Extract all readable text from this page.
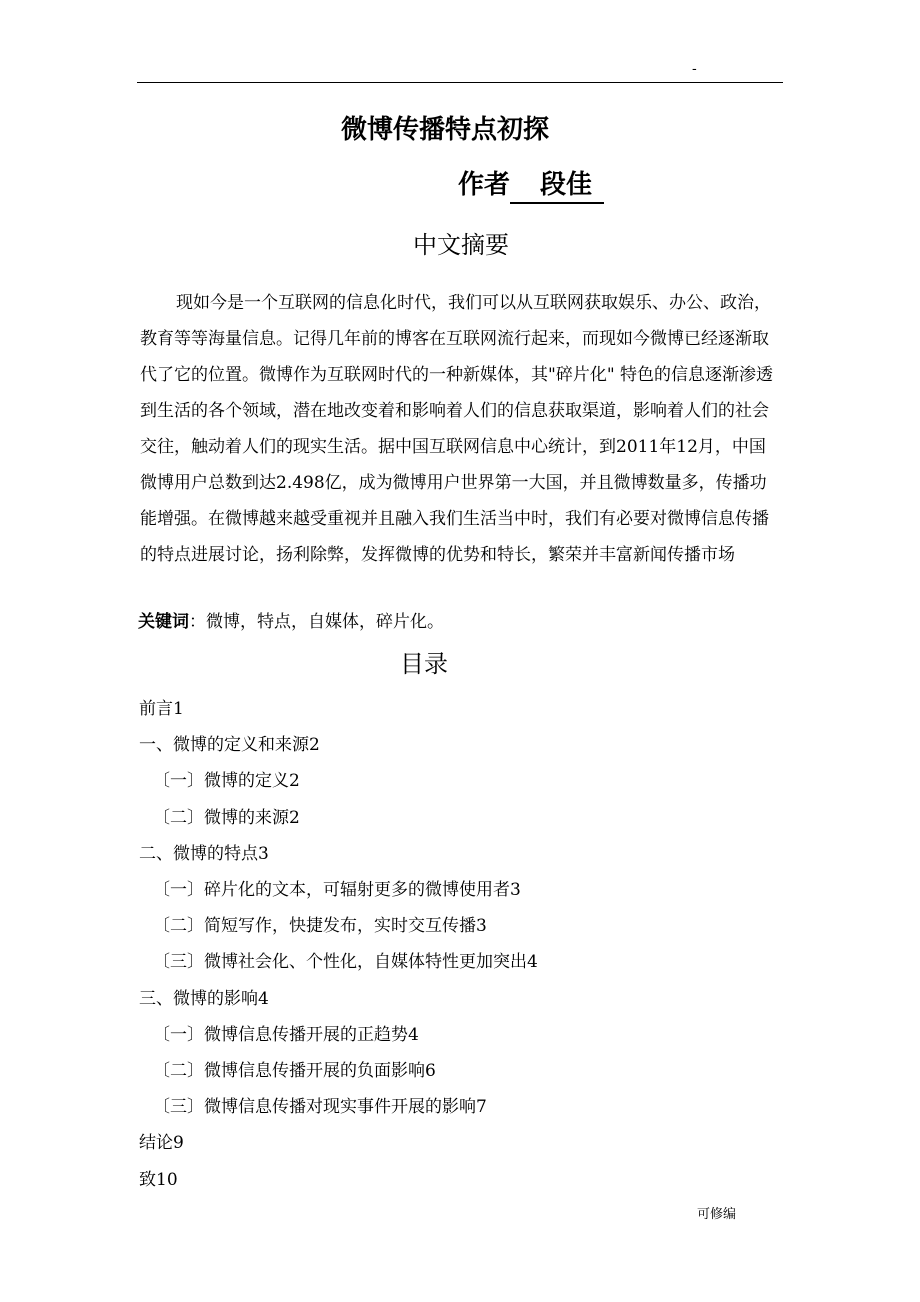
-
微博传播特点初探
作者 段佳
中文摘要

现如今是一个互联网的信息化时代，我们可以从互联网获取娱乐、办公、政治，教育等等海量信息。记得几年前的博客在互联网流行起来，而现如今微博已经逐渐取代了它的位置。微博作为互联网时代的一种新媒体，其"碎片化" 特色的信息逐渐渗透到生活的各个领域，潜在地改变着和影响着人们的信息获取渠道，影响着人们的社会交往，触动着人们的现实生活。据中国互联网信息中心统计，到2011年12月，中国微博用户总数到达2.498亿，成为微博用户世界第一大国，并且微博数量多，传播功能增强。在微博越来越受重视并且融入我们生活当中时，我们有必要对微博信息传播的特点进展讨论，扬利除弊，发挥微博的优势和特长，繁荣并丰富新闻传播市场

关键词：微博，特点，自媒体，碎片化。
目录
前言1
一、微博的定义和来源2
〔一〕微博的定义2
〔二〕微博的来源2
二、微博的特点3
〔一〕碎片化的文本，可辐射更多的微博使用者3
〔二〕简短写作，快捷发布，实时交互传播3
〔三〕微博社会化、个性化，自媒体特性更加突出4
三、微博的影响4
〔一〕微博信息传播开展的正趋势4
〔二〕微博信息传播开展的负面影响6
〔三〕微博信息传播对现实事件开展的影响7
结论9
致10
可修编
